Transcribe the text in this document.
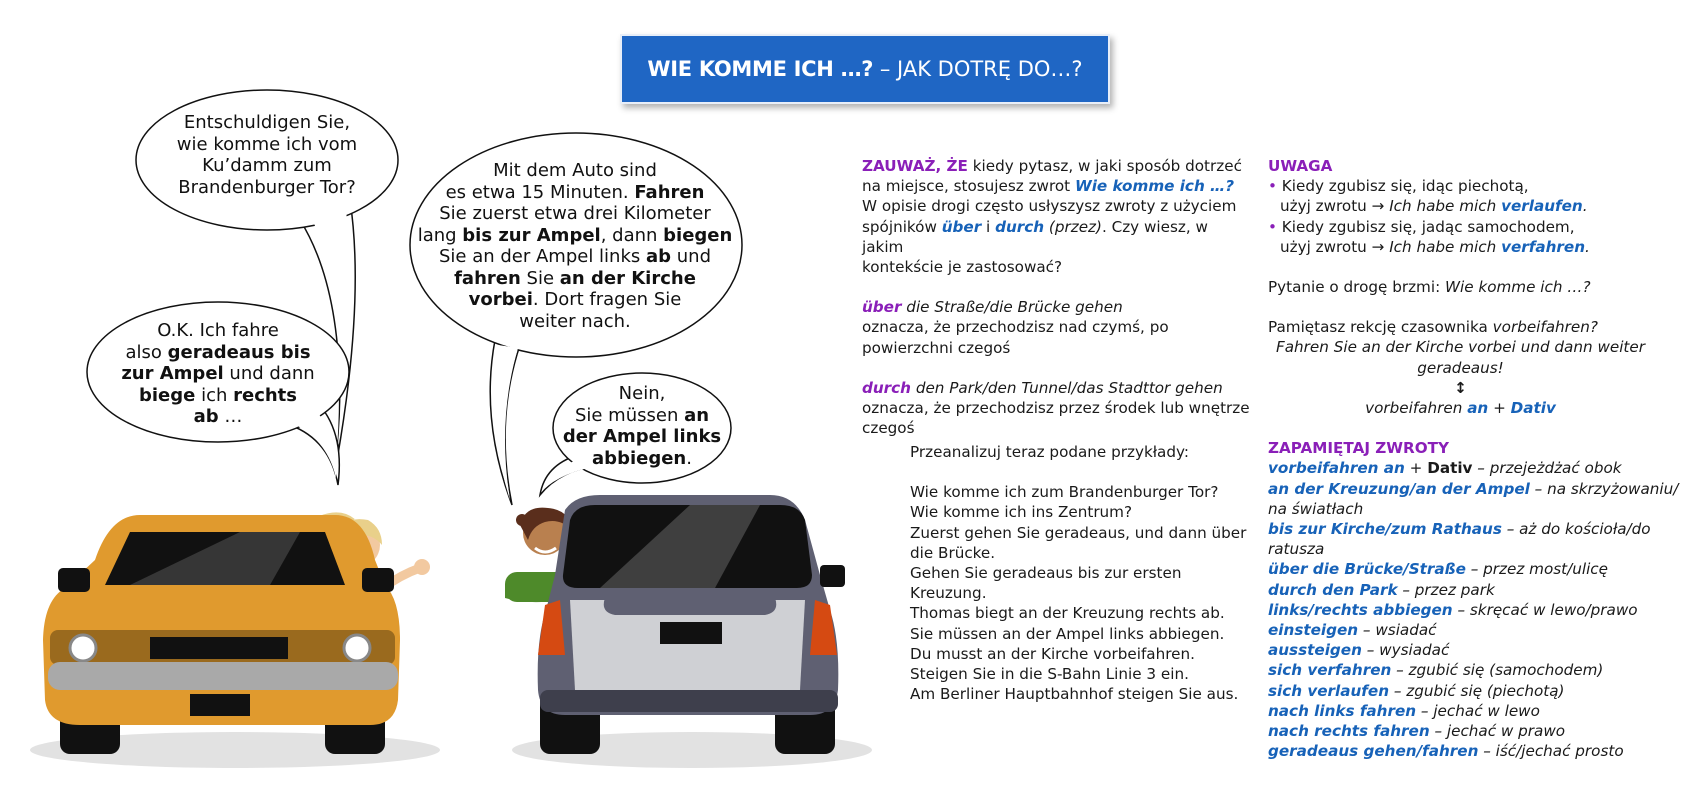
WIE KOMME ICH …? – JAK DOTRĘ DO…?
Entschuldigen Sie,
wie komme ich vom
Ku’damm zum
Brandenburger Tor?
Mit dem Auto sind
es etwa 15 Minuten. Fahren
Sie zuerst etwa drei Kilometer
lang bis zur Ampel, dann biegen
Sie an der Ampel links ab und
fahren Sie an der Kirche
vorbei. Dort fragen Sie
weiter nach.
O.K. Ich fahre
also geradeaus bis
zur Ampel und dann
biege ich rechts
ab …
Nein,
Sie müssen an
der Ampel links
abbiegen.

ZAUWAŻ, ŻE kiedy pytasz, w jaki sposób dotrzeć

na miejsce, stosujesz zwrot Wie komme ich …?

W opisie drogi często usłyszysz zwroty z użyciem

spójników über i durch (przez). Czy wiesz, w jakim

kontekście je zastosować?

über die Straße/die Brücke gehen

oznacza, że przechodzisz nad czymś, po

powierzchni czegoś

durch den Park/den Tunnel/das Stadttor gehen

oznacza, że przechodzisz przez środek lub wnętrze

czegoś

Przeanalizuj teraz podane przykłady:

Wie komme ich zum Brandenburger Tor?

Wie komme ich ins Zentrum?

Zuerst gehen Sie geradeaus, und dann über

die Brücke.

Gehen Sie geradeaus bis zur ersten

Kreuzung.

Thomas biegt an der Kreuzung rechts ab.

Sie müssen an der Ampel links abbiegen.

Du musst an der Kirche vorbeifahren.

Steigen Sie in die S-Bahn Linie 3 ein.

Am Berliner Hauptbahnhof steigen Sie aus.

UWAGA

• Kiedy zgubisz się, idąc piechotą,

użyj zwrotu → Ich habe mich verlaufen.

• Kiedy zgubisz się, jadąc samochodem,

użyj zwrotu → Ich habe mich verfahren.

Pytanie o drogę brzmi: Wie komme ich …?

Pamiętasz rekcję czasownika vorbeifahren?

Fahren Sie an der Kirche vorbei und dann weiter

geradeaus!

↕

vorbeifahren an + Dativ

ZAPAMIĘTAJ ZWROTY

vorbeifahren an + Dativ – przejeżdżać obok

an der Kreuzung/an der Ampel – na skrzyżowaniu/

na światłach

bis zur Kirche/zum Rathaus – aż do kościoła/do

ratusza

über die Brücke/Straße – przez most/ulicę

durch den Park – przez park

links/rechts abbiegen – skręcać w lewo/prawo

einsteigen – wsiadać

aussteigen – wysiadać

sich verfahren – zgubić się (samochodem)

sich verlaufen – zgubić się (piechotą)

nach links fahren – jechać w lewo

nach rechts fahren – jechać w prawo

geradeaus gehen/fahren – iść/jechać prosto
